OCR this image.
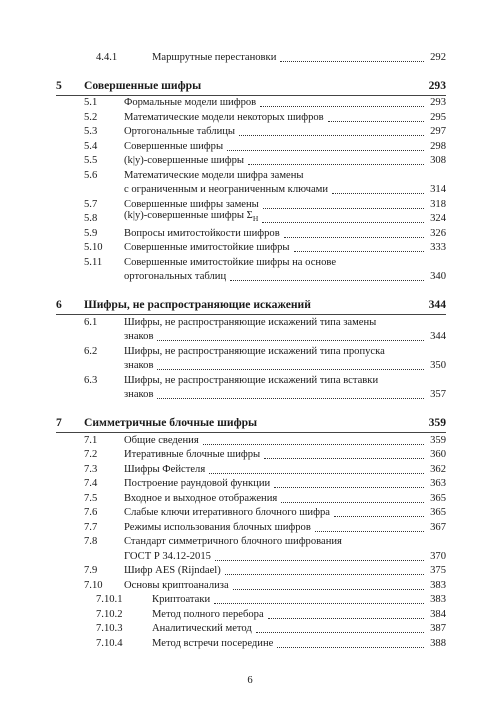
4.4.1	Маршрутные перестановки	292
5	Совершенные шифры	293
5.1	Формальные модели шифров	293
5.2	Математические модели некоторых шифров	295
5.3	Ортогональные таблицы	297
5.4	Совершенные шифры	298
5.5	(k|y)-совершенные шифры	308
5.6	Математические модели шифра замены
с ограниченным и неограниченным ключами	314
5.7	Совершенные шифры замены	318
5.8	(k|y)-совершенные шифры $\Sigma_H$	324
5.9	Вопросы имитостойкости шифров	326
5.10	Совершенные имитостойкие шифры	333
5.11	Совершенные имитостойкие шифры на основе
ортогональных таблиц	340
6	Шифры, не распространяющие искажений	344
6.1	Шифры, не распространяющие искажений типа замены
знаков	344
6.2	Шифры, не распространяющие искажений типа пропуска
знаков	350
6.3	Шифры, не распространяющие искажений типа вставки
знаков	357
7	Симметричные блочные шифры	359
7.1	Общие сведения	359
7.2	Итеративные блочные шифры	360
7.3	Шифры Фейстеля	362
7.4	Построение раундовой функции	363
7.5	Входное и выходное отображения	365
7.6	Слабые ключи итеративного блочного шифра	365
7.7	Режимы использования блочных шифров	367
7.8	Стандарт симметричного блочного шифрования
ГОСТ Р 34.12-2015	370
7.9	Шифр AES (Rijndael)	375
7.10	Основы криптоанализа	383
7.10.1	Криптоатаки	383
7.10.2	Метод полного перебора	384
7.10.3	Аналитический метод	387
7.10.4	Метод встречи посередине	388
6
